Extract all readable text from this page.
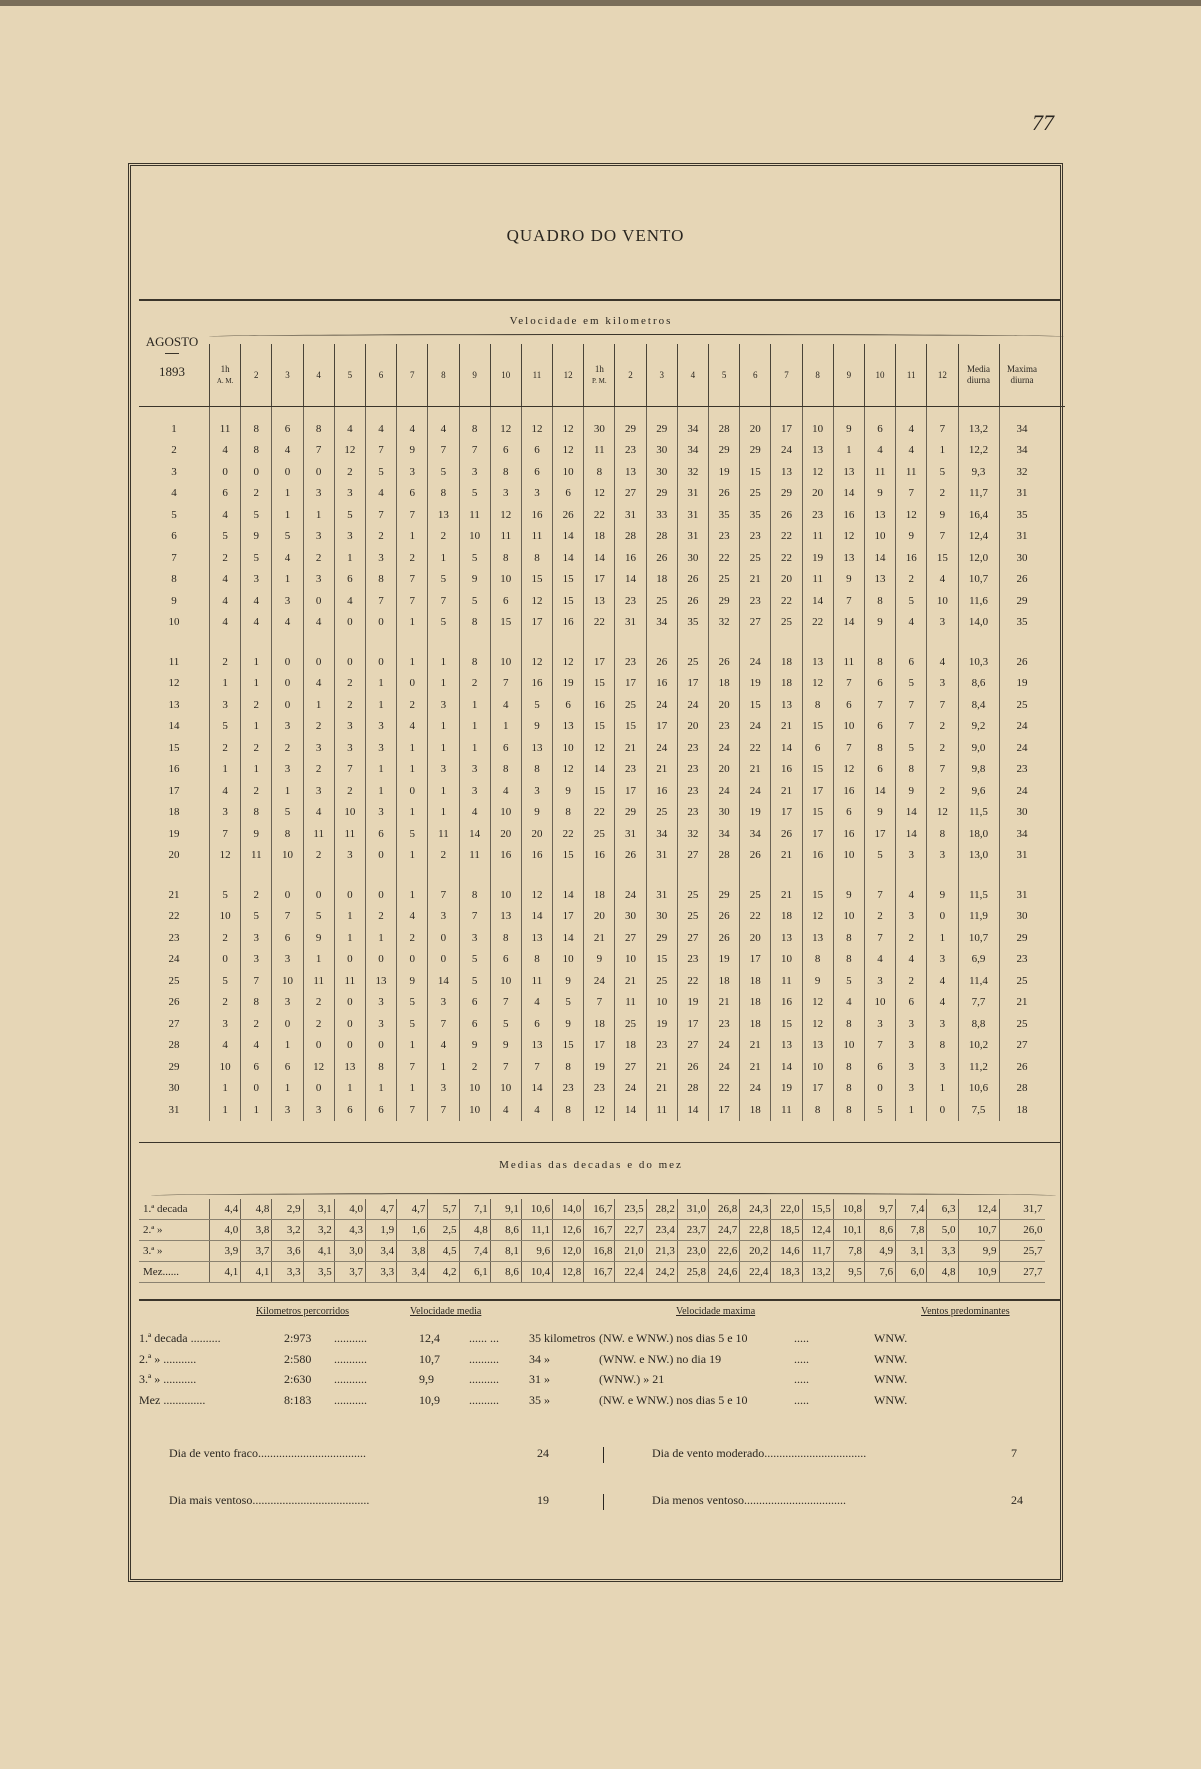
77
QUADRO DO VENTO
Velocidade em kilometros
AGOSTO
1893
		1h
A. M.	2	3	4	5	6	7	8	9	10	11	12	1h
P. M.	2	3	4	5	6	7	8	9	10	11	12	Media diurna	Maxima diurna
1	11	8	6	8	4	4	4	4	8	12	12	12	30	29	29	34	28	20	17	10	9	6	4	7	13,2	34
2	4	8	4	7	12	7	9	7	7	6	6	12	11	23	30	34	29	29	24	13	1	4	4	1	12,2	34
3	0	0	0	0	2	5	3	5	3	8	6	10	8	13	30	32	19	15	13	12	13	11	11	5	9,3	32
4	6	2	1	3	3	4	6	8	5	3	3	6	12	27	29	31	26	25	29	20	14	9	7	2	11,7	31
5	4	5	1	1	5	7	7	13	11	12	16	26	22	31	33	31	35	35	26	23	16	13	12	9	16,4	35
6	5	9	5	3	3	2	1	2	10	11	11	14	18	28	28	31	23	23	22	11	12	10	9	7	12,4	31
7	2	5	4	2	1	3	2	1	5	8	8	14	14	16	26	30	22	25	22	19	13	14	16	15	12,0	30
8	4	3	1	3	6	8	7	5	9	10	15	15	17	14	18	26	25	21	20	11	9	13	2	4	10,7	26
9	4	4	3	0	4	7	7	7	5	6	12	15	13	23	25	26	29	23	22	14	7	8	5	10	11,6	29
10	4	4	4	4	0	0	1	5	8	15	17	16	22	31	34	35	32	27	25	22	14	9	4	3	14,0	35

11	2	1	0	0	0	0	1	1	8	10	12	12	17	23	26	25	26	24	18	13	11	8	6	4	10,3	26
12	1	1	0	4	2	1	0	1	2	7	16	19	15	17	16	17	18	19	18	12	7	6	5	3	8,6	19
13	3	2	0	1	2	1	2	3	1	4	5	6	16	25	24	24	20	15	13	8	6	7	7	7	8,4	25
14	5	1	3	2	3	3	4	1	1	1	9	13	15	15	17	20	23	24	21	15	10	6	7	2	9,2	24
15	2	2	2	3	3	3	1	1	1	6	13	10	12	21	24	23	24	22	14	6	7	8	5	2	9,0	24
16	1	1	3	2	7	1	1	3	3	8	8	12	14	23	21	23	20	21	16	15	12	6	8	7	9,8	23
17	4	2	1	3	2	1	0	1	3	4	3	9	15	17	16	23	24	24	21	17	16	14	9	2	9,6	24
18	3	8	5	4	10	3	1	1	4	10	9	8	22	29	25	23	30	19	17	15	6	9	14	12	11,5	30
19	7	9	8	11	11	6	5	11	14	20	20	22	25	31	34	32	34	34	26	17	16	17	14	8	18,0	34
20	12	11	10	2	3	0	1	2	11	16	16	15	16	26	31	27	28	26	21	16	10	5	3	3	13,0	31

21	5	2	0	0	0	0	1	7	8	10	12	14	18	24	31	25	29	25	21	15	9	7	4	9	11,5	31
22	10	5	7	5	1	2	4	3	7	13	14	17	20	30	30	25	26	22	18	12	10	2	3	0	11,9	30
23	2	3	6	9	1	1	2	0	3	8	13	14	21	27	29	27	26	20	13	13	8	7	2	1	10,7	29
24	0	3	3	1	0	0	0	0	5	6	8	10	9	10	15	23	19	17	10	8	8	4	4	3	6,9	23
25	5	7	10	11	11	13	9	14	5	10	11	9	24	21	25	22	18	18	11	9	5	3	2	4	11,4	25
26	2	8	3	2	0	3	5	3	6	7	4	5	7	11	10	19	21	18	16	12	4	10	6	4	7,7	21
27	3	2	0	2	0	3	5	7	6	5	6	9	18	25	19	17	23	18	15	12	8	3	3	3	8,8	25
28	4	4	1	0	0	0	1	4	9	9	13	15	17	18	23	27	24	21	13	13	10	7	3	8	10,2	27
29	10	6	6	12	13	8	7	1	2	7	7	8	19	27	21	26	24	21	14	10	8	6	3	3	11,2	26
30	1	0	1	0	1	1	1	3	10	10	14	23	23	24	21	28	22	24	19	17	8	0	3	1	10,6	28
31	1	1	3	3	6	6	7	7	10	4	4	8	12	14	11	14	17	18	11	8	8	5	1	0	7,5	18
Medias das decadas e do mez
1.ª decada	4,4	4,8	2,9	3,1	4,0	4,7	4,7	5,7	7,1	9,1	10,6	14,0	16,7	23,5	28,2	31,0	26,8	24,3	22,0	15,5	10,8	9,7	7,4	6,3	12,4	31,7
2.ª »	4,0	3,8	3,2	3,2	4,3	1,9	1,6	2,5	4,8	8,6	11,1	12,6	16,7	22,7	23,4	23,7	24,7	22,8	18,5	12,4	10,1	8,6	7,8	5,0	10,7	26,0
3.ª »	3,9	3,7	3,6	4,1	3,0	3,4	3,8	4,5	7,4	8,1	9,6	12,0	16,8	21,0	21,3	23,0	22,6	20,2	14,6	11,7	7,8	4,9	3,1	3,3	9,9	25,7
Mez......	4,1	4,1	3,3	3,5	3,7	3,3	3,4	4,2	6,1	8,6	10,4	12,8	16,7	22,4	24,2	25,8	24,6	22,4	18,3	13,2	9,5	7,6	6,0	4,8	10,9	27,7
Kilometros percorridos	Velocidade media	Velocidade maxima	Ventos predominantes
1.ª decada ..........	2:973 ...........	12,4 ...... ...	35 kilometros (NW. e WNW.) nos dias 5 e 10	.....	WNW.
2.ª » ...........	2:580 ...........	10,7 ..........	34 »	(WNW. e NW.) no dia 19	.....	WNW.
3.ª » ...........	2:630 ...........	9,9	..........	31 »	(WNW.) » 21	.....	WNW.
Mez ..............	8:183 ...........	10,9 ..........	35 »	(NW. e WNW.) nos dias 5 e 10	.....	WNW.
Dia de vento fraco....................................	24	Dia de vento moderado..................................	7
Dia mais ventoso.......................................	19	Dia menos ventoso..................................	24
